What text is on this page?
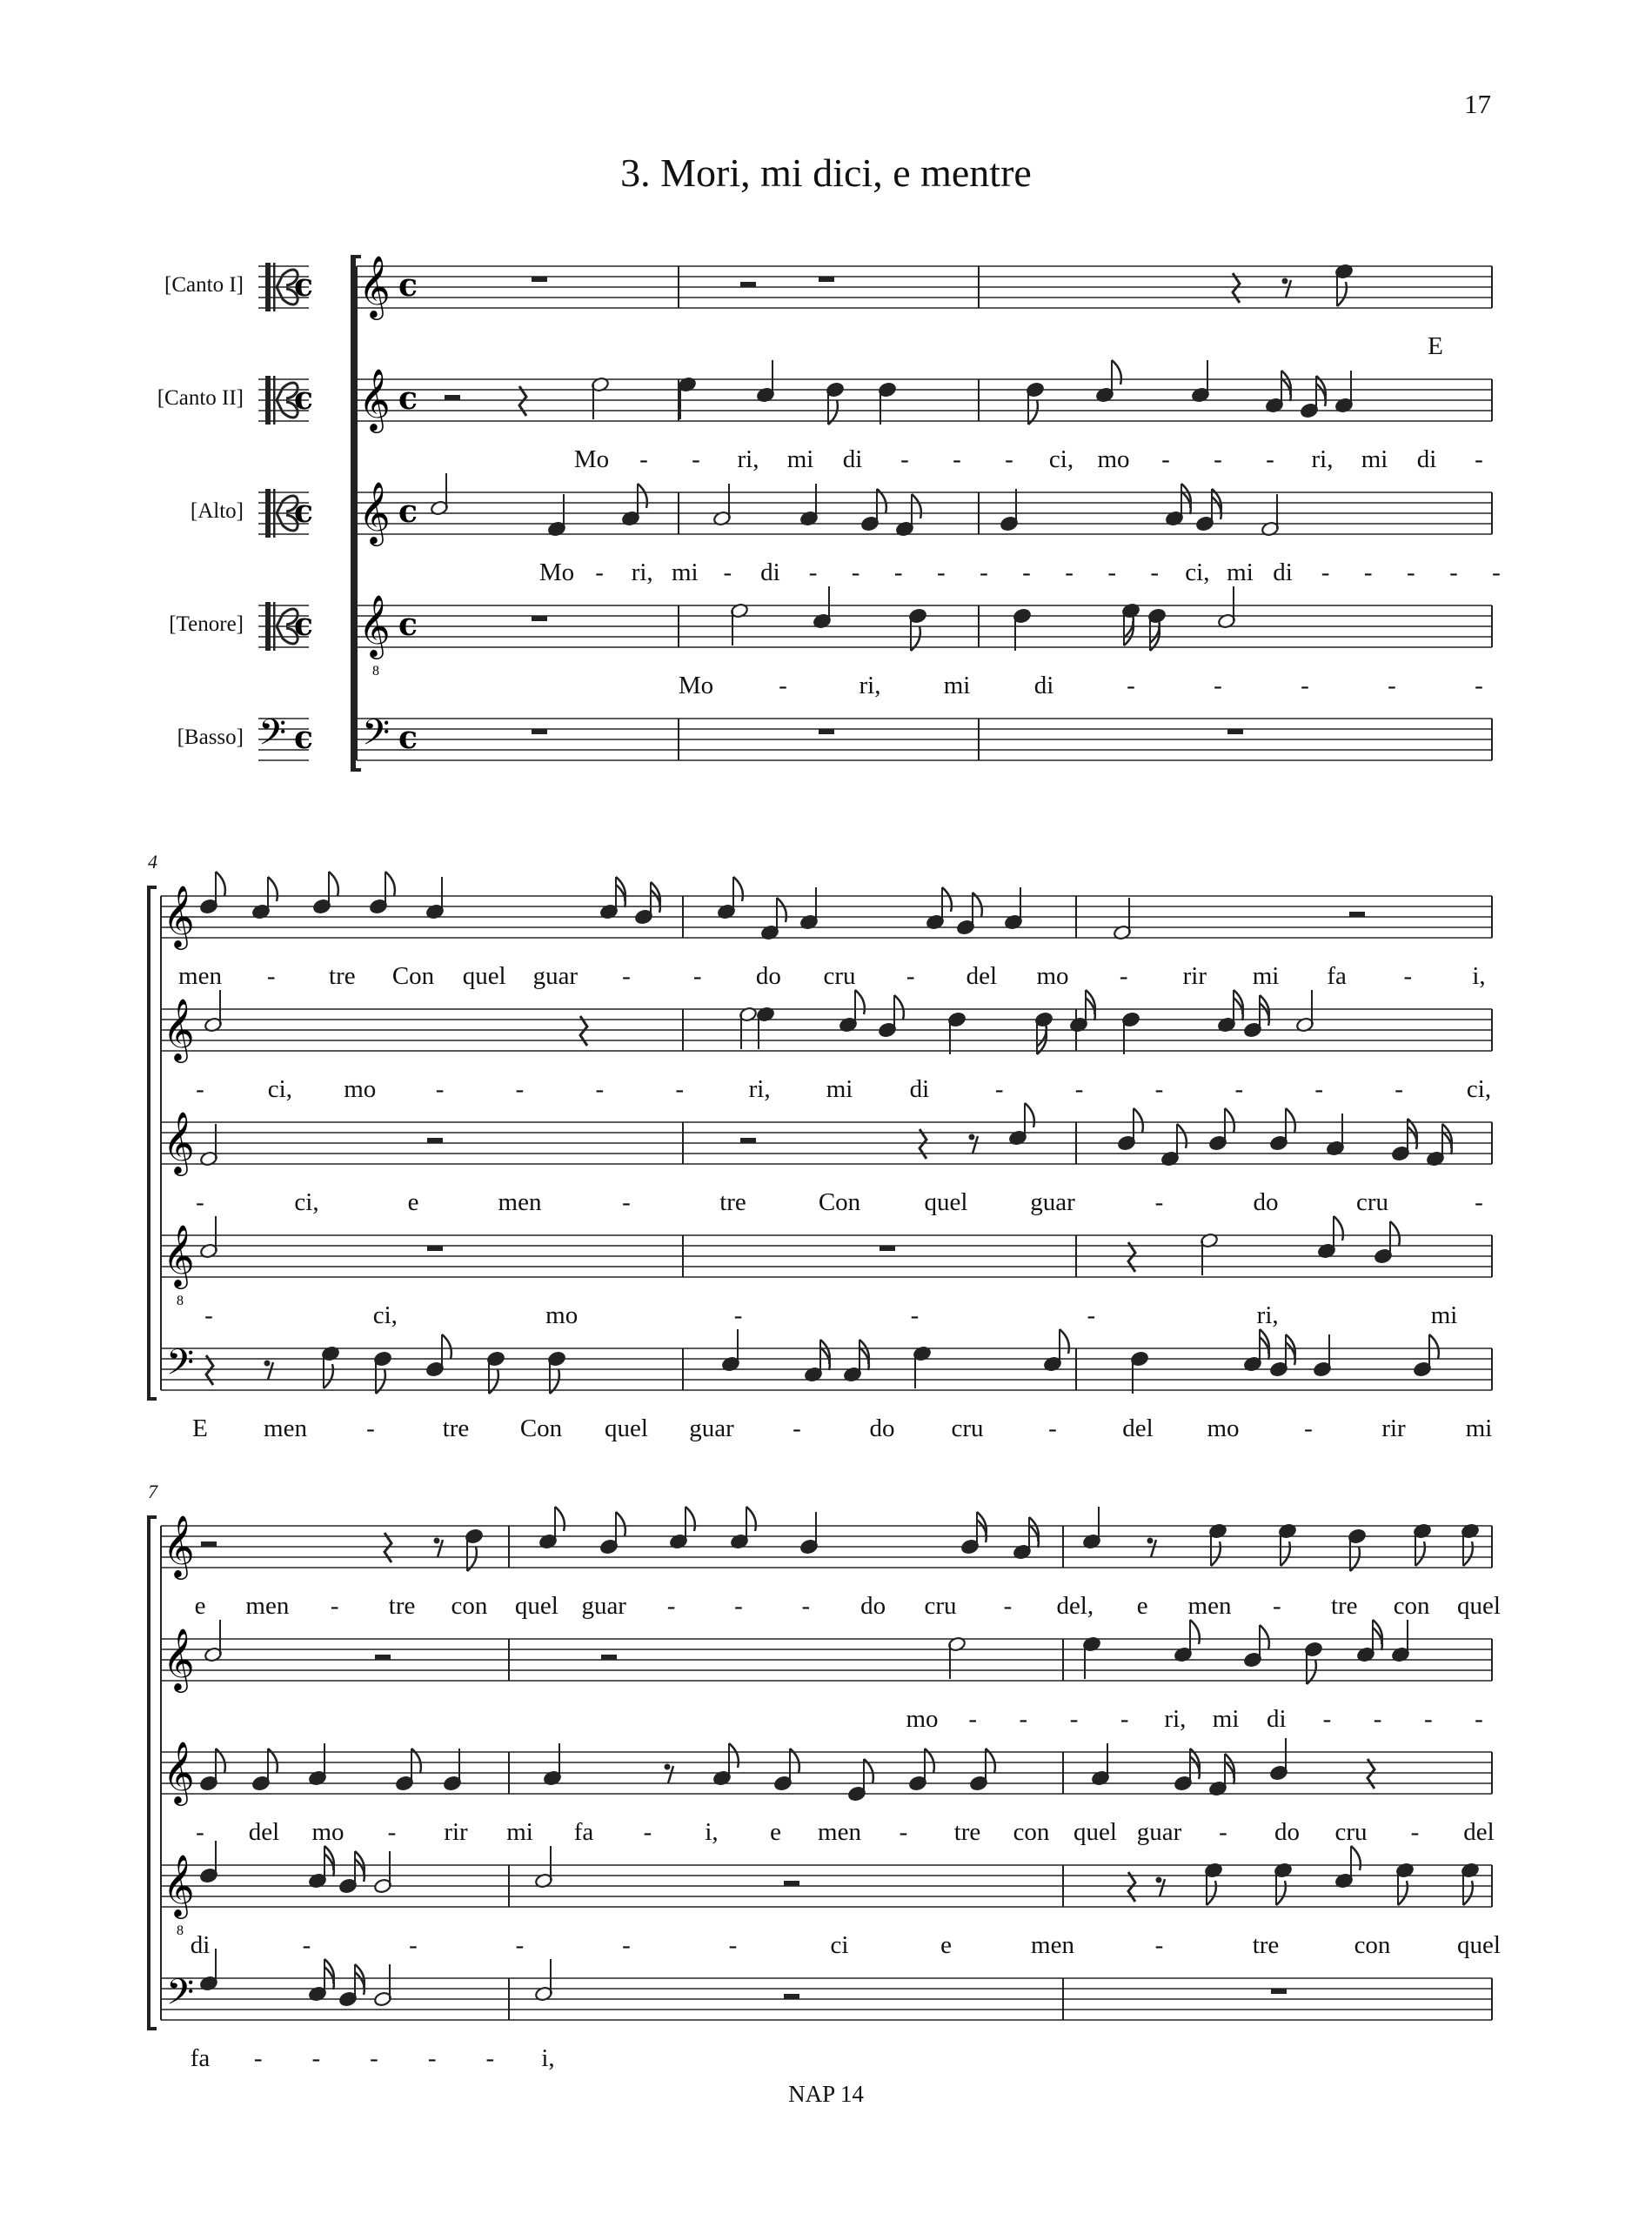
17
3. Mori, mi dici, e mentre
[Canto I]
[Canto II]
[Alto]
[Tenore]
[Basso]
4
7
c
c
c
c
𝄢 c
𝄞 c
𝄞 c
𝄞 c
𝄞 c
8
𝄢 c
𝄞
𝄞
𝄞
𝄞
8
𝄢
𝄞
𝄞
𝄞
𝄞
8
𝄢
E
Mo - - ri, mi di - - - ci, mo - - - ri, mi di -
Mo - ri, mi - di - - - - - - - - - ci, mi di - - - - -
Mo	-	ri, mi	di	-	-	-	-	-
men - tre Con quel guar - - do cru - del mo - rir mi fa - i,
-	ci, mo -	-	-	-	ri, mi di	-	-	-	-	-	-	ci,
-	ci,	e	men	-	tre	Con	quel guar	-	do	cru	-
-	ci,	mo	-	-	-	ri,	mi
E men -	tre Con quel guar -	do cru	-	del mo	-	rir mi
e men - tre con quel guar - - - do cru - del, e men - tre con quel
mo - - - - ri, mi di - - - -
- del mo - rir mi fa - i, e men - tre con quel guar - do cru - del
di	-	-	-	-	-	ci	e	men	-	tre	con	quel
fa - - - - - i,
NAP 14
